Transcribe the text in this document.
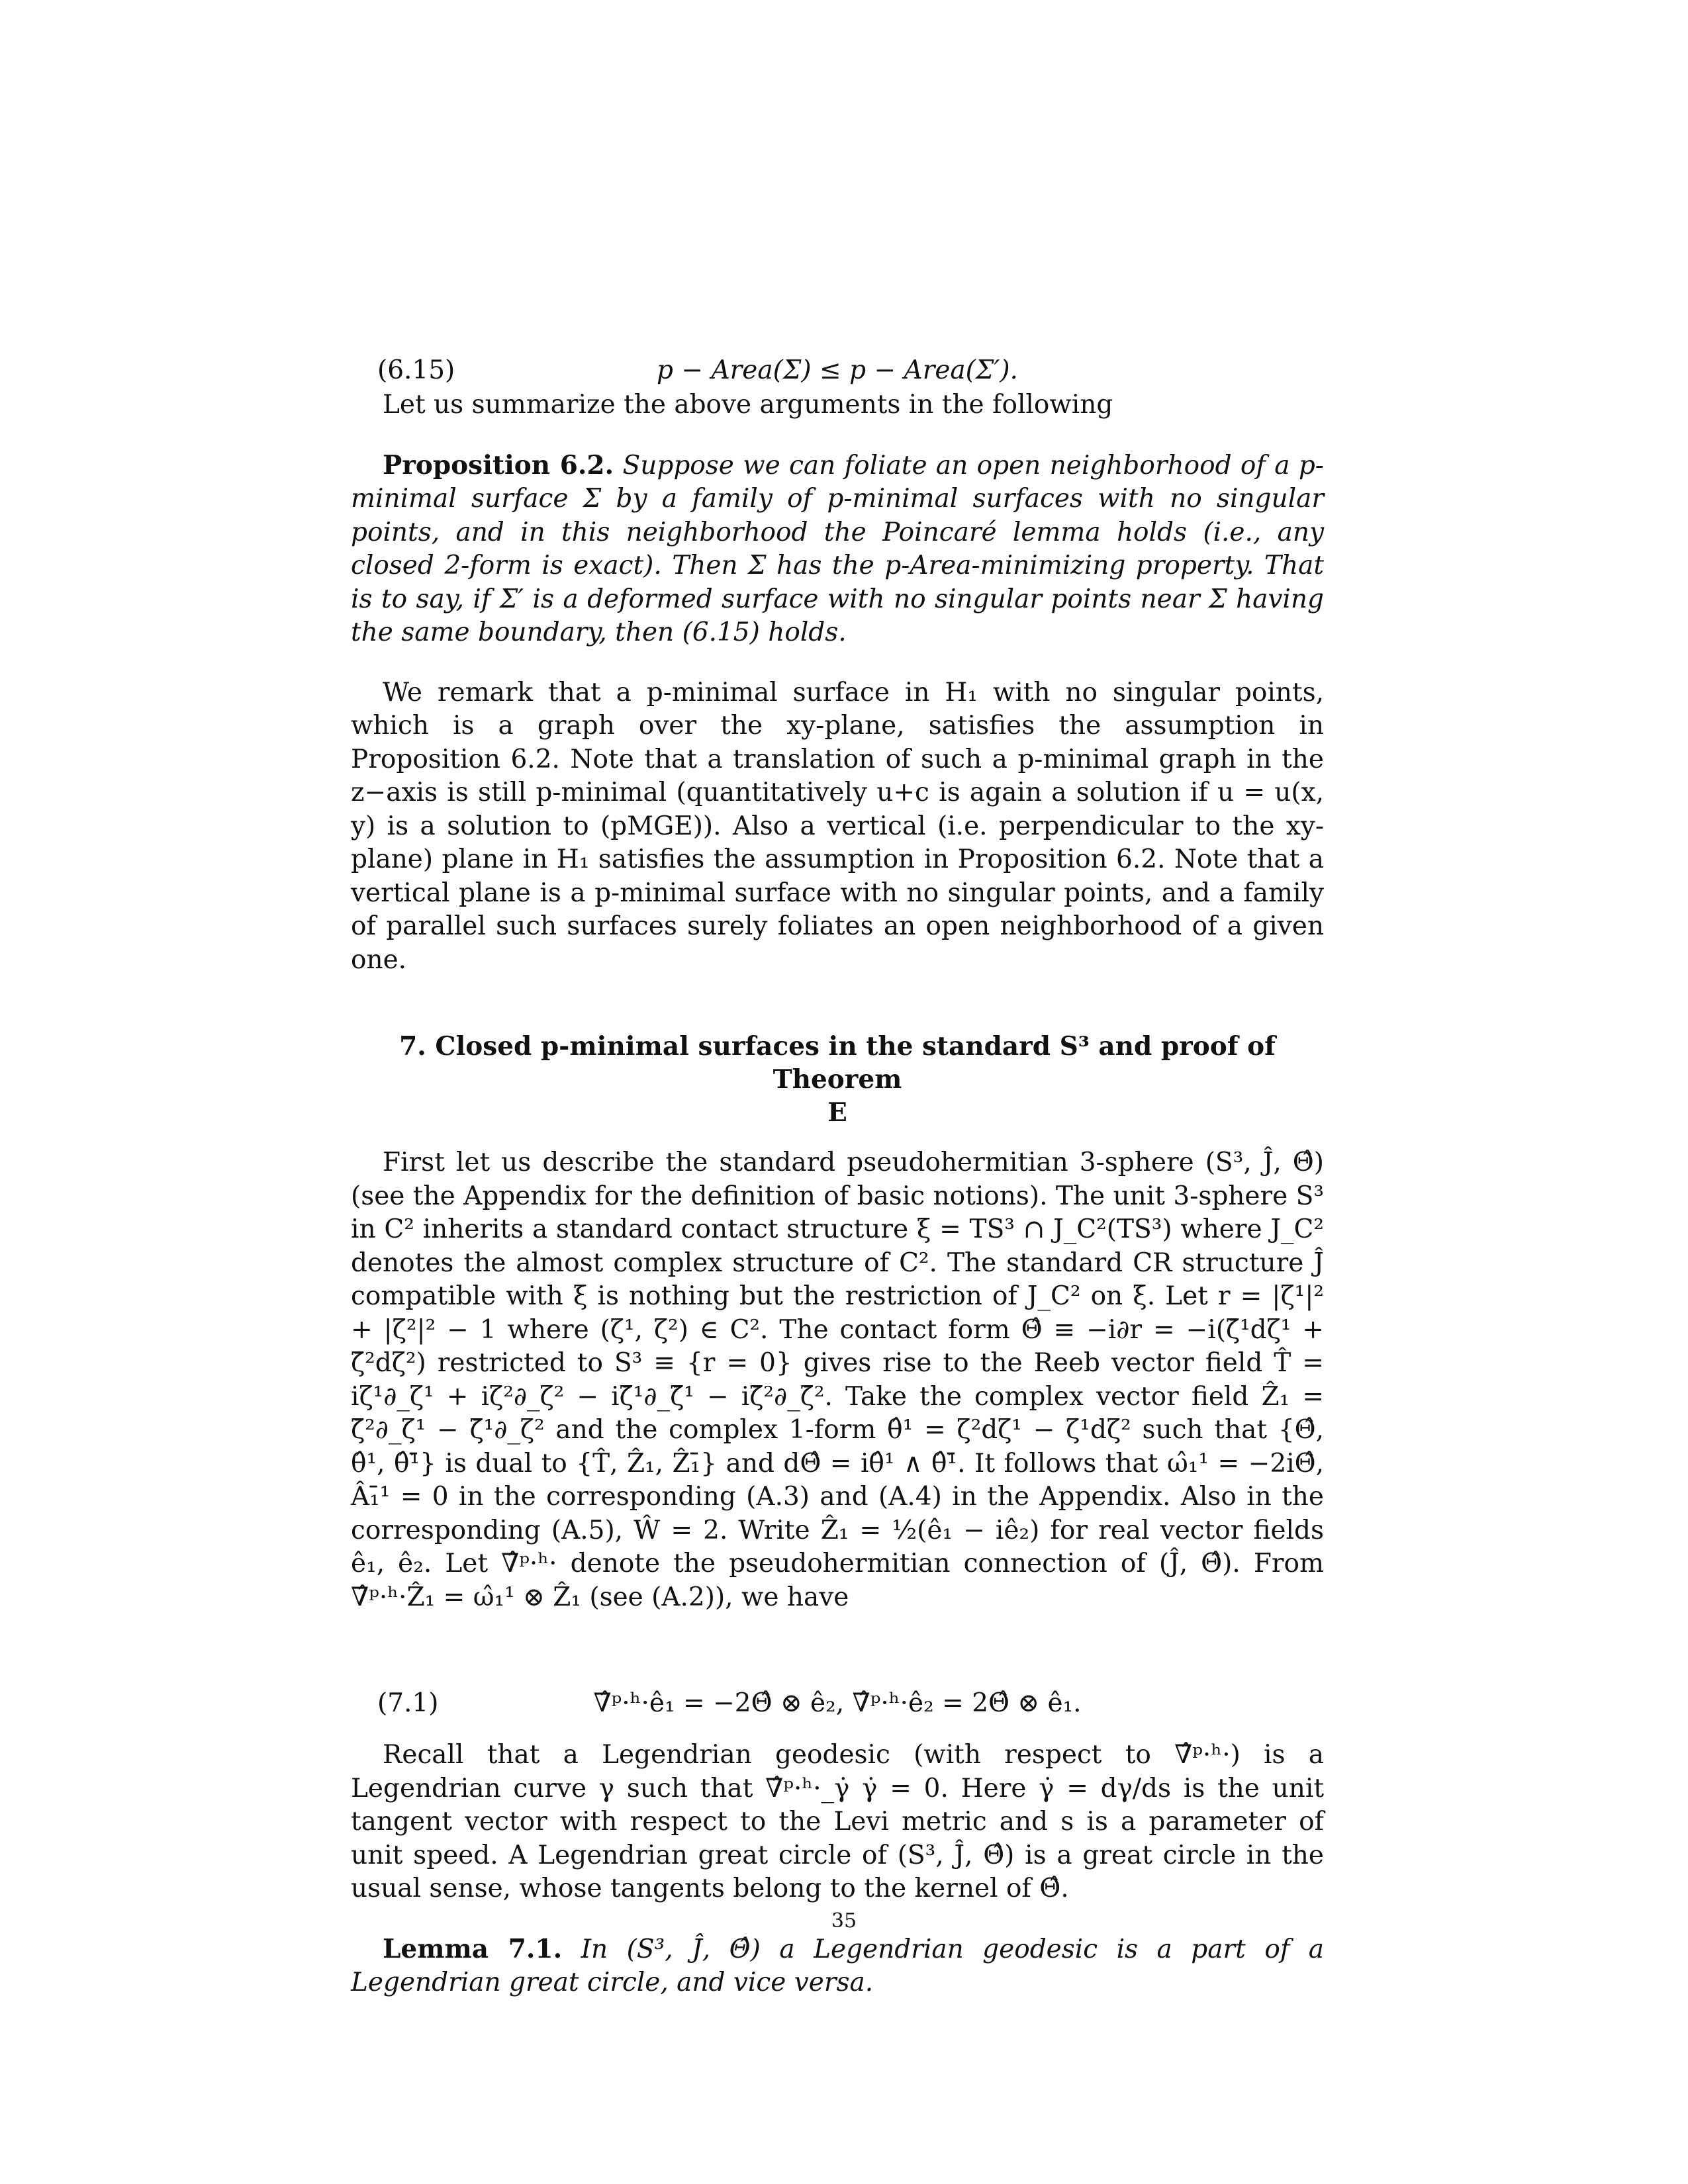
(6.15)	p − Area(Σ) ≤ p − Area(Σ′).

Let us summarize the above arguments in the following

Proposition 6.2. Suppose we can foliate an open neighborhood of a p-minimal surface Σ by a family of p-minimal surfaces with no singular points, and in this neighborhood the Poincaré lemma holds (i.e., any closed 2-form is exact). Then Σ has the p-Area-minimizing property. That is to say, if Σ′ is a deformed surface with no singular points near Σ having the same boundary, then (6.15) holds.

We remark that a p-minimal surface in H₁ with no singular points, which is a graph over the xy-plane, satisfies the assumption in Proposition 6.2. Note that a translation of such a p-minimal graph in the z−axis is still p-minimal (quantitatively u+c is again a solution if u = u(x, y) is a solution to (pMGE)). Also a vertical (i.e. perpendicular to the xy-plane) plane in H₁ satisfies the assumption in Proposition 6.2. Note that a vertical plane is a p-minimal surface with no singular points, and a family of parallel such surfaces surely foliates an open neighborhood of a given one.

7. Closed p-minimal surfaces in the standard S³ and proof of Theorem
E

First let us describe the standard pseudohermitian 3-sphere (S³, Ĵ, Θ̂) (see the Appendix for the definition of basic notions). The unit 3-sphere S³ in C² inherits a standard contact structure ξ = TS³ ∩ J_C²(TS³) where J_C² denotes the almost complex structure of C². The standard CR structure Ĵ compatible with ξ is nothing but the restriction of J_C² on ξ. Let r = |ζ¹|² + |ζ²|² − 1 where (ζ¹, ζ²) ∈ C². The contact form Θ̂ ≡ −i∂r = −i(ζ̄¹dζ¹ + ζ̄²dζ²) restricted to S³ ≡ {r = 0} gives rise to the Reeb vector field T̂ = iζ¹∂_ζ¹ + iζ²∂_ζ² − iζ̄¹∂_ζ̄¹ − iζ̄²∂_ζ̄². Take the complex vector field Ẑ₁ = ζ̄²∂_ζ¹ − ζ̄¹∂_ζ² and the complex 1-form θ̂¹ = ζ²dζ¹ − ζ¹dζ² such that {Θ̂, θ̂¹, θ̂¹̄} is dual to {T̂, Ẑ₁, Ẑ₁̄} and dΘ̂ = iθ̂¹ ∧ θ̂¹̄. It follows that ω̂₁¹ = −2iΘ̂, Â₁̄¹ = 0 in the corresponding (A.3) and (A.4) in the Appendix. Also in the corresponding (A.5), Ŵ = 2. Write Ẑ₁ = ½(ê₁ − iê₂) for real vector fields ê₁, ê₂. Let ∇̂ᵖ·ʰ· denote the pseudohermitian connection of (Ĵ, Θ̂). From ∇̂ᵖ·ʰ·Ẑ₁ = ω̂₁¹ ⊗ Ẑ₁ (see (A.2)), we have

(7.1)	∇̂ᵖ·ʰ·ê₁ = −2Θ̂ ⊗ ê₂, ∇̂ᵖ·ʰ·ê₂ = 2Θ̂ ⊗ ê₁.

Recall that a Legendrian geodesic (with respect to ∇̂ᵖ·ʰ·) is a Legendrian curve γ such that ∇̂ᵖ·ʰ·_γ̇ γ̇ = 0. Here γ̇ = dγ/ds is the unit tangent vector with respect to the Levi metric and s is a parameter of unit speed. A Legendrian great circle of (S³, Ĵ, Θ̂) is a great circle in the usual sense, whose tangents belong to the kernel of Θ̂.

Lemma 7.1. In (S³, Ĵ, Θ̂) a Legendrian geodesic is a part of a Legendrian great circle, and vice versa.

35
